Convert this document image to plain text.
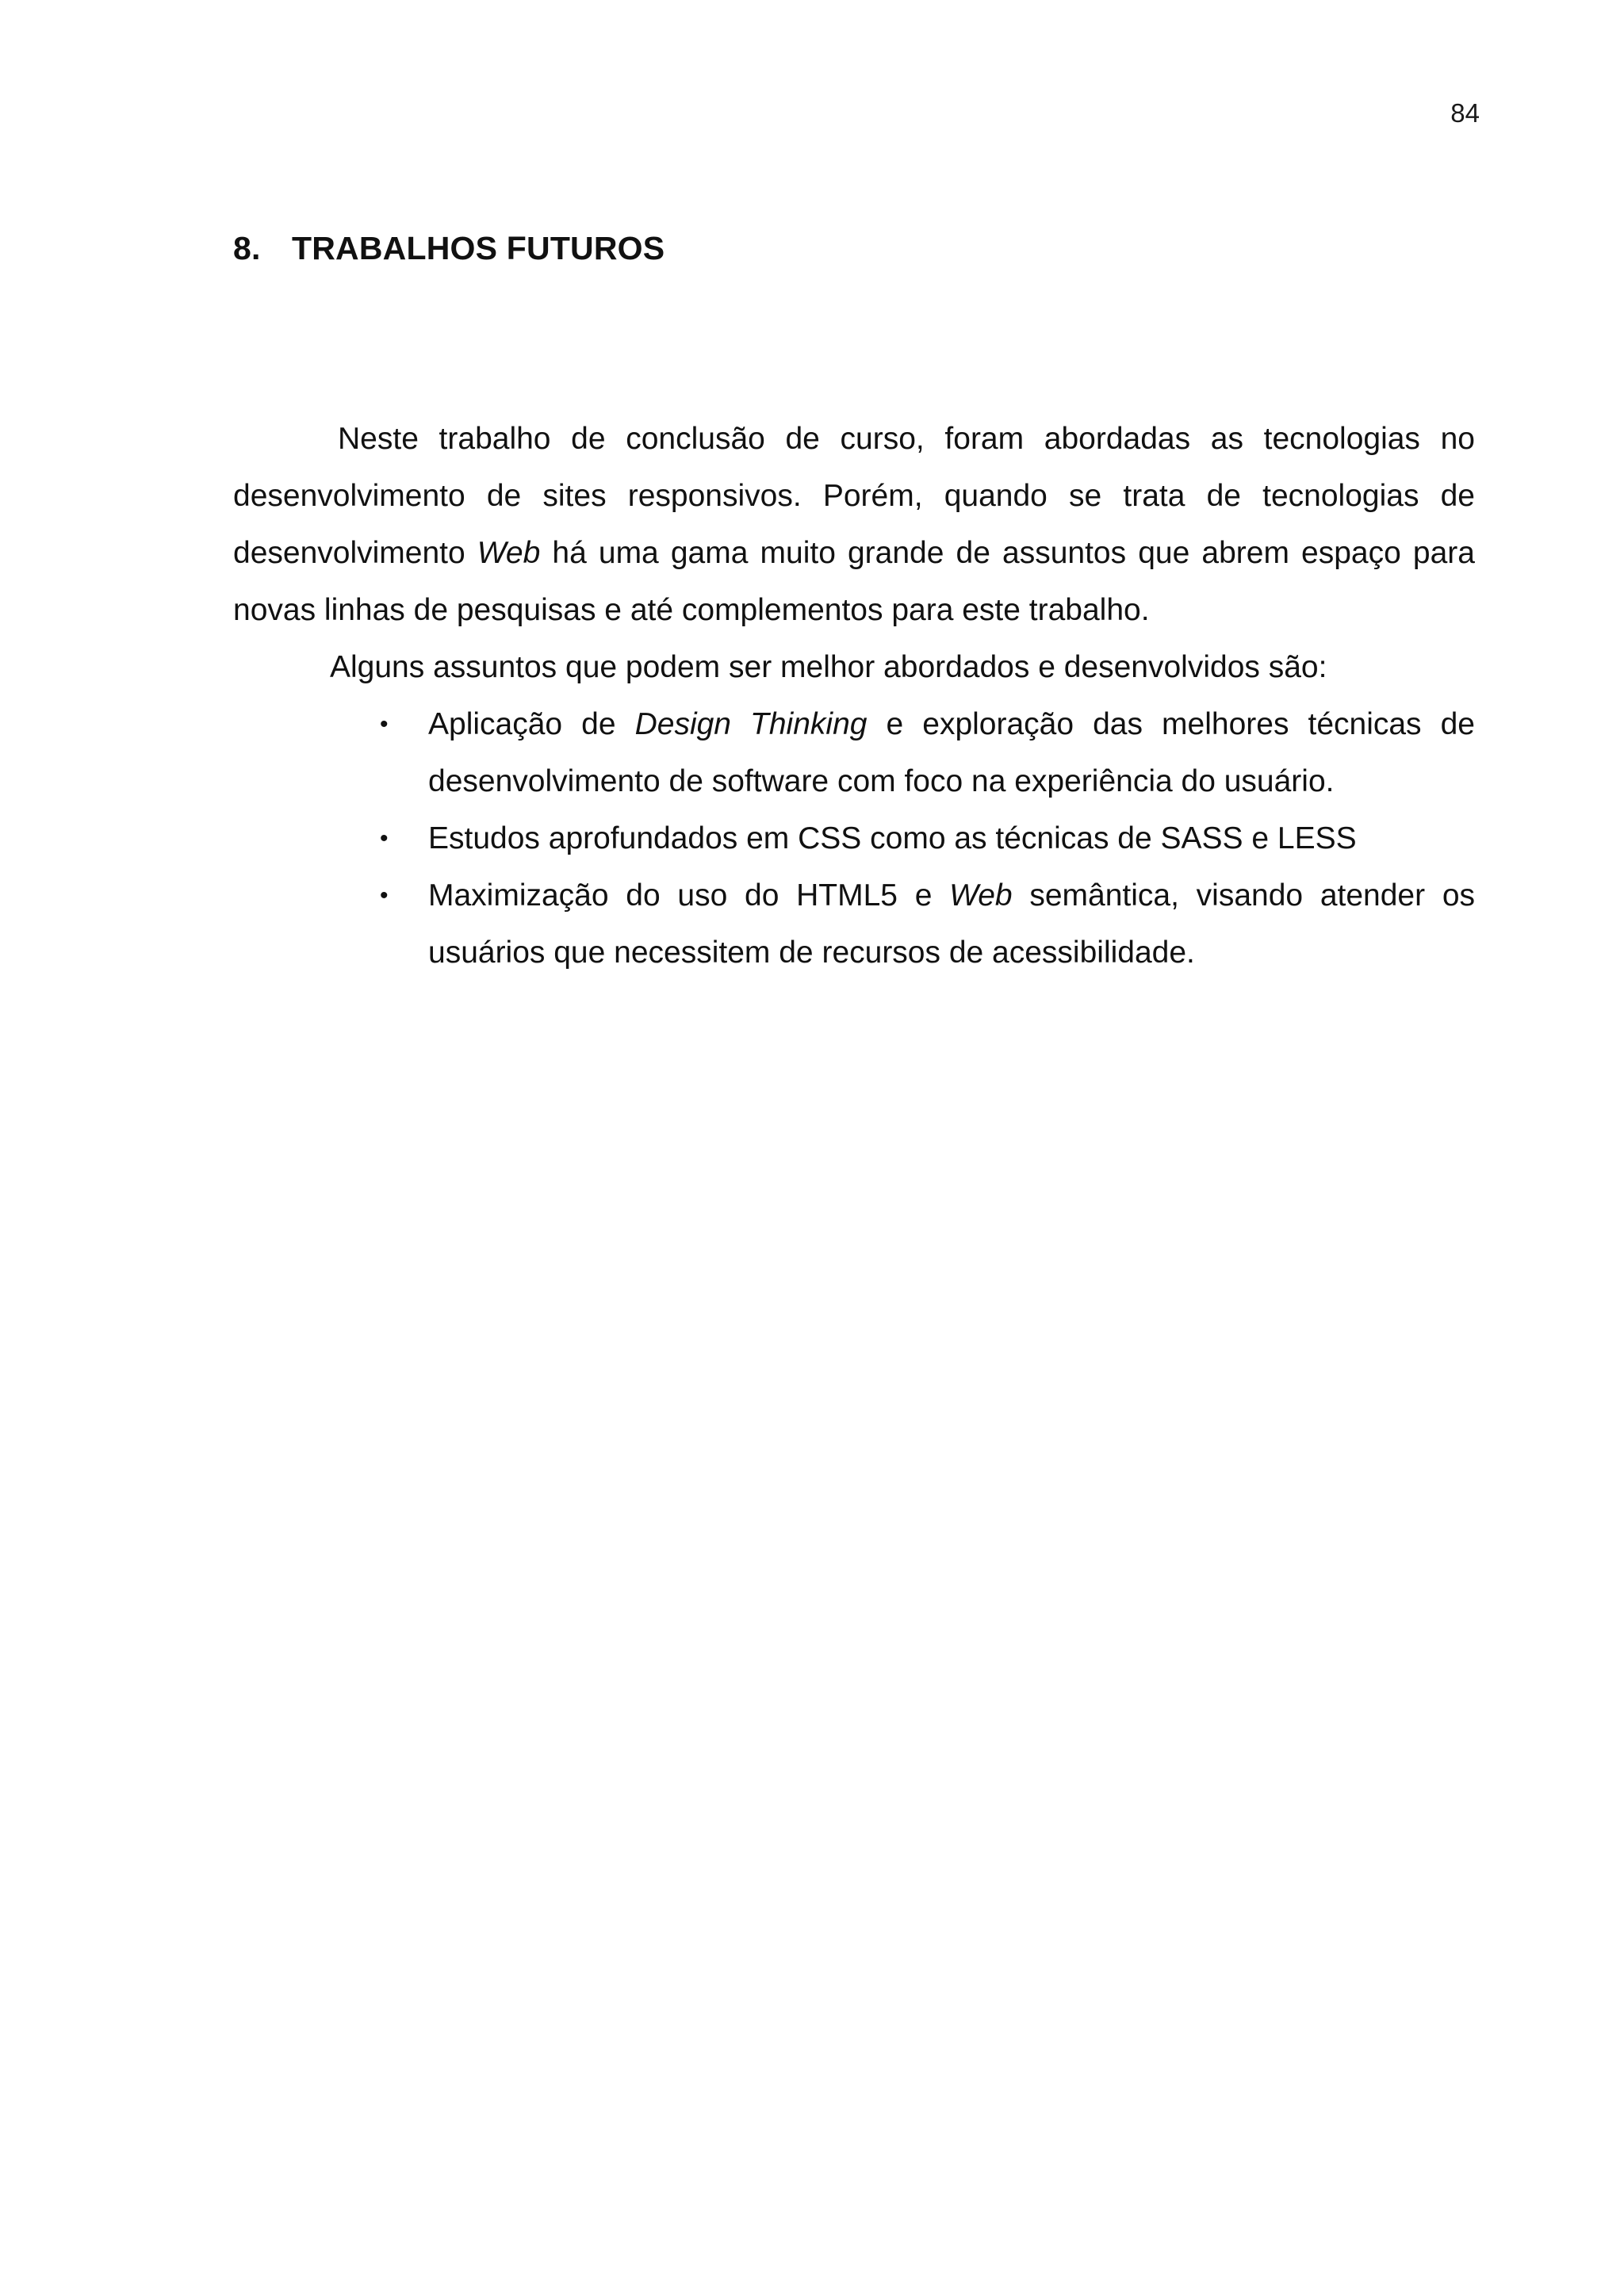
84
8. TRABALHOS FUTUROS

Neste trabalho de conclusão de curso, foram abordadas as tecnologias no desenvolvimento de sites responsivos. Porém, quando se trata de tecnologias de desenvolvimento Web há uma gama muito grande de assuntos que abrem espaço para novas linhas de pesquisas e até complementos para este trabalho.

Alguns assuntos que podem ser melhor abordados e desenvolvidos são:

• Aplicação de Design Thinking e exploração das melhores técnicas de desenvolvimento de software com foco na experiência do usuário.
• Estudos aprofundados em CSS como as técnicas de SASS e LESS
• Maximização do uso do HTML5 e Web semântica, visando atender os usuários que necessitem de recursos de acessibilidade.
